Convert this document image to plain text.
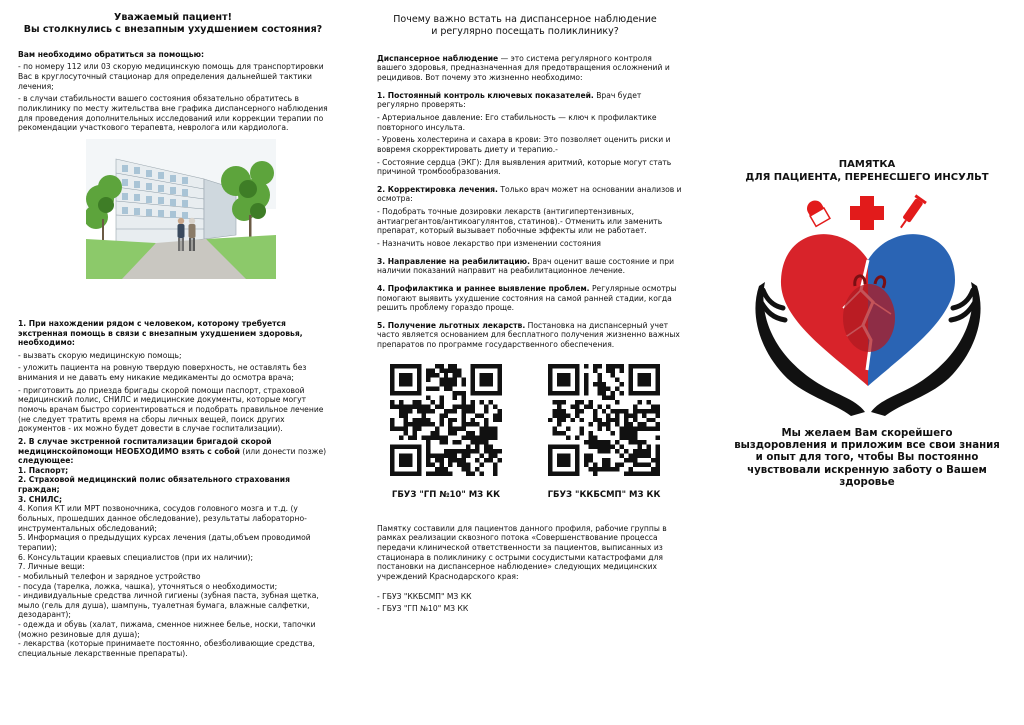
Уважаемый пациент!
Вы столкнулись с внезапным ухудшением состояния?
Вам необходимо обратиться за помощью:
- по номеру 112 или 03 скорую медицинскую помощь для транспортировки Вас в круглосуточный стационар для определения дальнейшей тактики лечения;
- в случаи стабильности вашего состояния обязательно обратитесь в поликлинику по месту жительства вне графика диспансерного наблюдения для проведения дополнительных исследований или коррекции терапии по рекомендации участкового терапевта, невролога или кардиолога.
1. При нахождении рядом с человеком, которому требуется экстренная помощь в связи с внезапным ухудшением здоровья, необходимо:
- вызвать скорую медицинскую помощь;
- уложить пациента на ровную твердую поверхность, не оставлять без внимания и не давать ему никакие медикаменты до осмотра врача;
- приготовить до приезда бригады скорой помощи паспорт, страховой медицинский полис, СНИЛС и медицинские документы, которые могут помочь врачам быстро сориентироваться и подобрать правильное лечение (не следует тратить время на сборы личных вещей, поиск других документов - их можно будет довести в случае госпитализации).
2. В случае экстренной госпитализации бригадой скорой медицинскойпомощи НЕОБХОДИМО взять с собой (или донести позже) следующее:
1. Паспорт;
2. Страховой медицинский полис обязательного страхования граждан;
3. СНИЛС;
4. Копия КТ или МРТ позвоночника, сосудов головного мозга и т.д. (у больных, прошедших данное обследование), результаты лабораторно-инструментальных обследований;
5. Информация о предыдущих курсах лечения (даты,объем проводимой терапии);
6. Консультации краевых специалистов (при их наличии);
7. Личные вещи:
- мобильный телефон и зарядное устройство
- посуда (тарелка, ложка, чашка), уточняться о необходимости;
- индивидуальные средства личной гигиены (зубная паста, зубная щетка, мыло (гель для душа), шампунь, туалетная бумага, влажные салфетки, дезодарант);
- одежда и обувь (халат, пижама, сменное нижнее белье, носки, тапочки (можно резиновые для душа);
- лекарства (которые принимаете постоянно, обезболивающие средства, специальные лекарственные препараты).
Почему важно встать на диспансерное наблюдение
и регулярно посещать поликлинику?
Диспансерное наблюдение — это система регулярного контроля вашего здоровья, предназначенная для предотвращения осложнений и рецидивов. Вот почему это жизненно необходимо:
1. Постоянный контроль ключевых показателей. Врач будет регулярно проверять:
- Артериальное давление: Его стабильность — ключ к профилактике повторного инсульта.
- Уровень холестерина и сахара в крови: Это позволяет оценить риски и вовремя скорректировать диету и терапию.-
- Состояние сердца (ЭКГ): Для выявления аритмий, которые могут стать причиной тромбообразования.
2. Корректировка лечения. Только врач может на основании анализов и осмотра:
- Подобрать точные дозировки лекарств (антигипертензивных, антиагрегантов/антикоагулянтов, статинов).- Отменить или заменить препарат, который вызывает побочные эффекты или не работает.
- Назначить новое лекарство при изменении состояния
3. Направление на реабилитацию. Врач оценит ваше состояние и при наличии показаний направит на реабилитационное лечение.
4. Профилактика и раннее выявление проблем. Регулярные осмотры помогают выявить ухудшение состояния на самой ранней стадии, когда решить проблему гораздо проще.
5. Получение льготных лекарств. Постановка на диспансерный учет часто является основанием для бесплатного получения жизненно важных препаратов по программе государственного обеспечения.
ГБУЗ "ГП №10" МЗ КК	ГБУЗ "ККБСМП" МЗ КК
Памятку составили для пациентов данного профиля, рабочие группы в рамках реализации сквозного потока «Совершенствование процесса передачи клинической ответственности за пациентов, выписанных из стационара в поликлинику с острыми сосудистыми катастрофами для постановки на диспансерное наблюдение» следующих медицинских учреждений Краснодарского края:
- ГБУЗ "ККБСМП" МЗ КК
- ГБУЗ "ГП №10" МЗ КК
ПАМЯТКА
ДЛЯ ПАЦИЕНТА, ПЕРЕНЕСШЕГО ИНСУЛЬТ
Мы желаем Вам скорейшего выздоровления и приложим все свои знания и опыт для того, чтобы Вы постоянно чувствовали искренную заботу о Вашем здоровье
